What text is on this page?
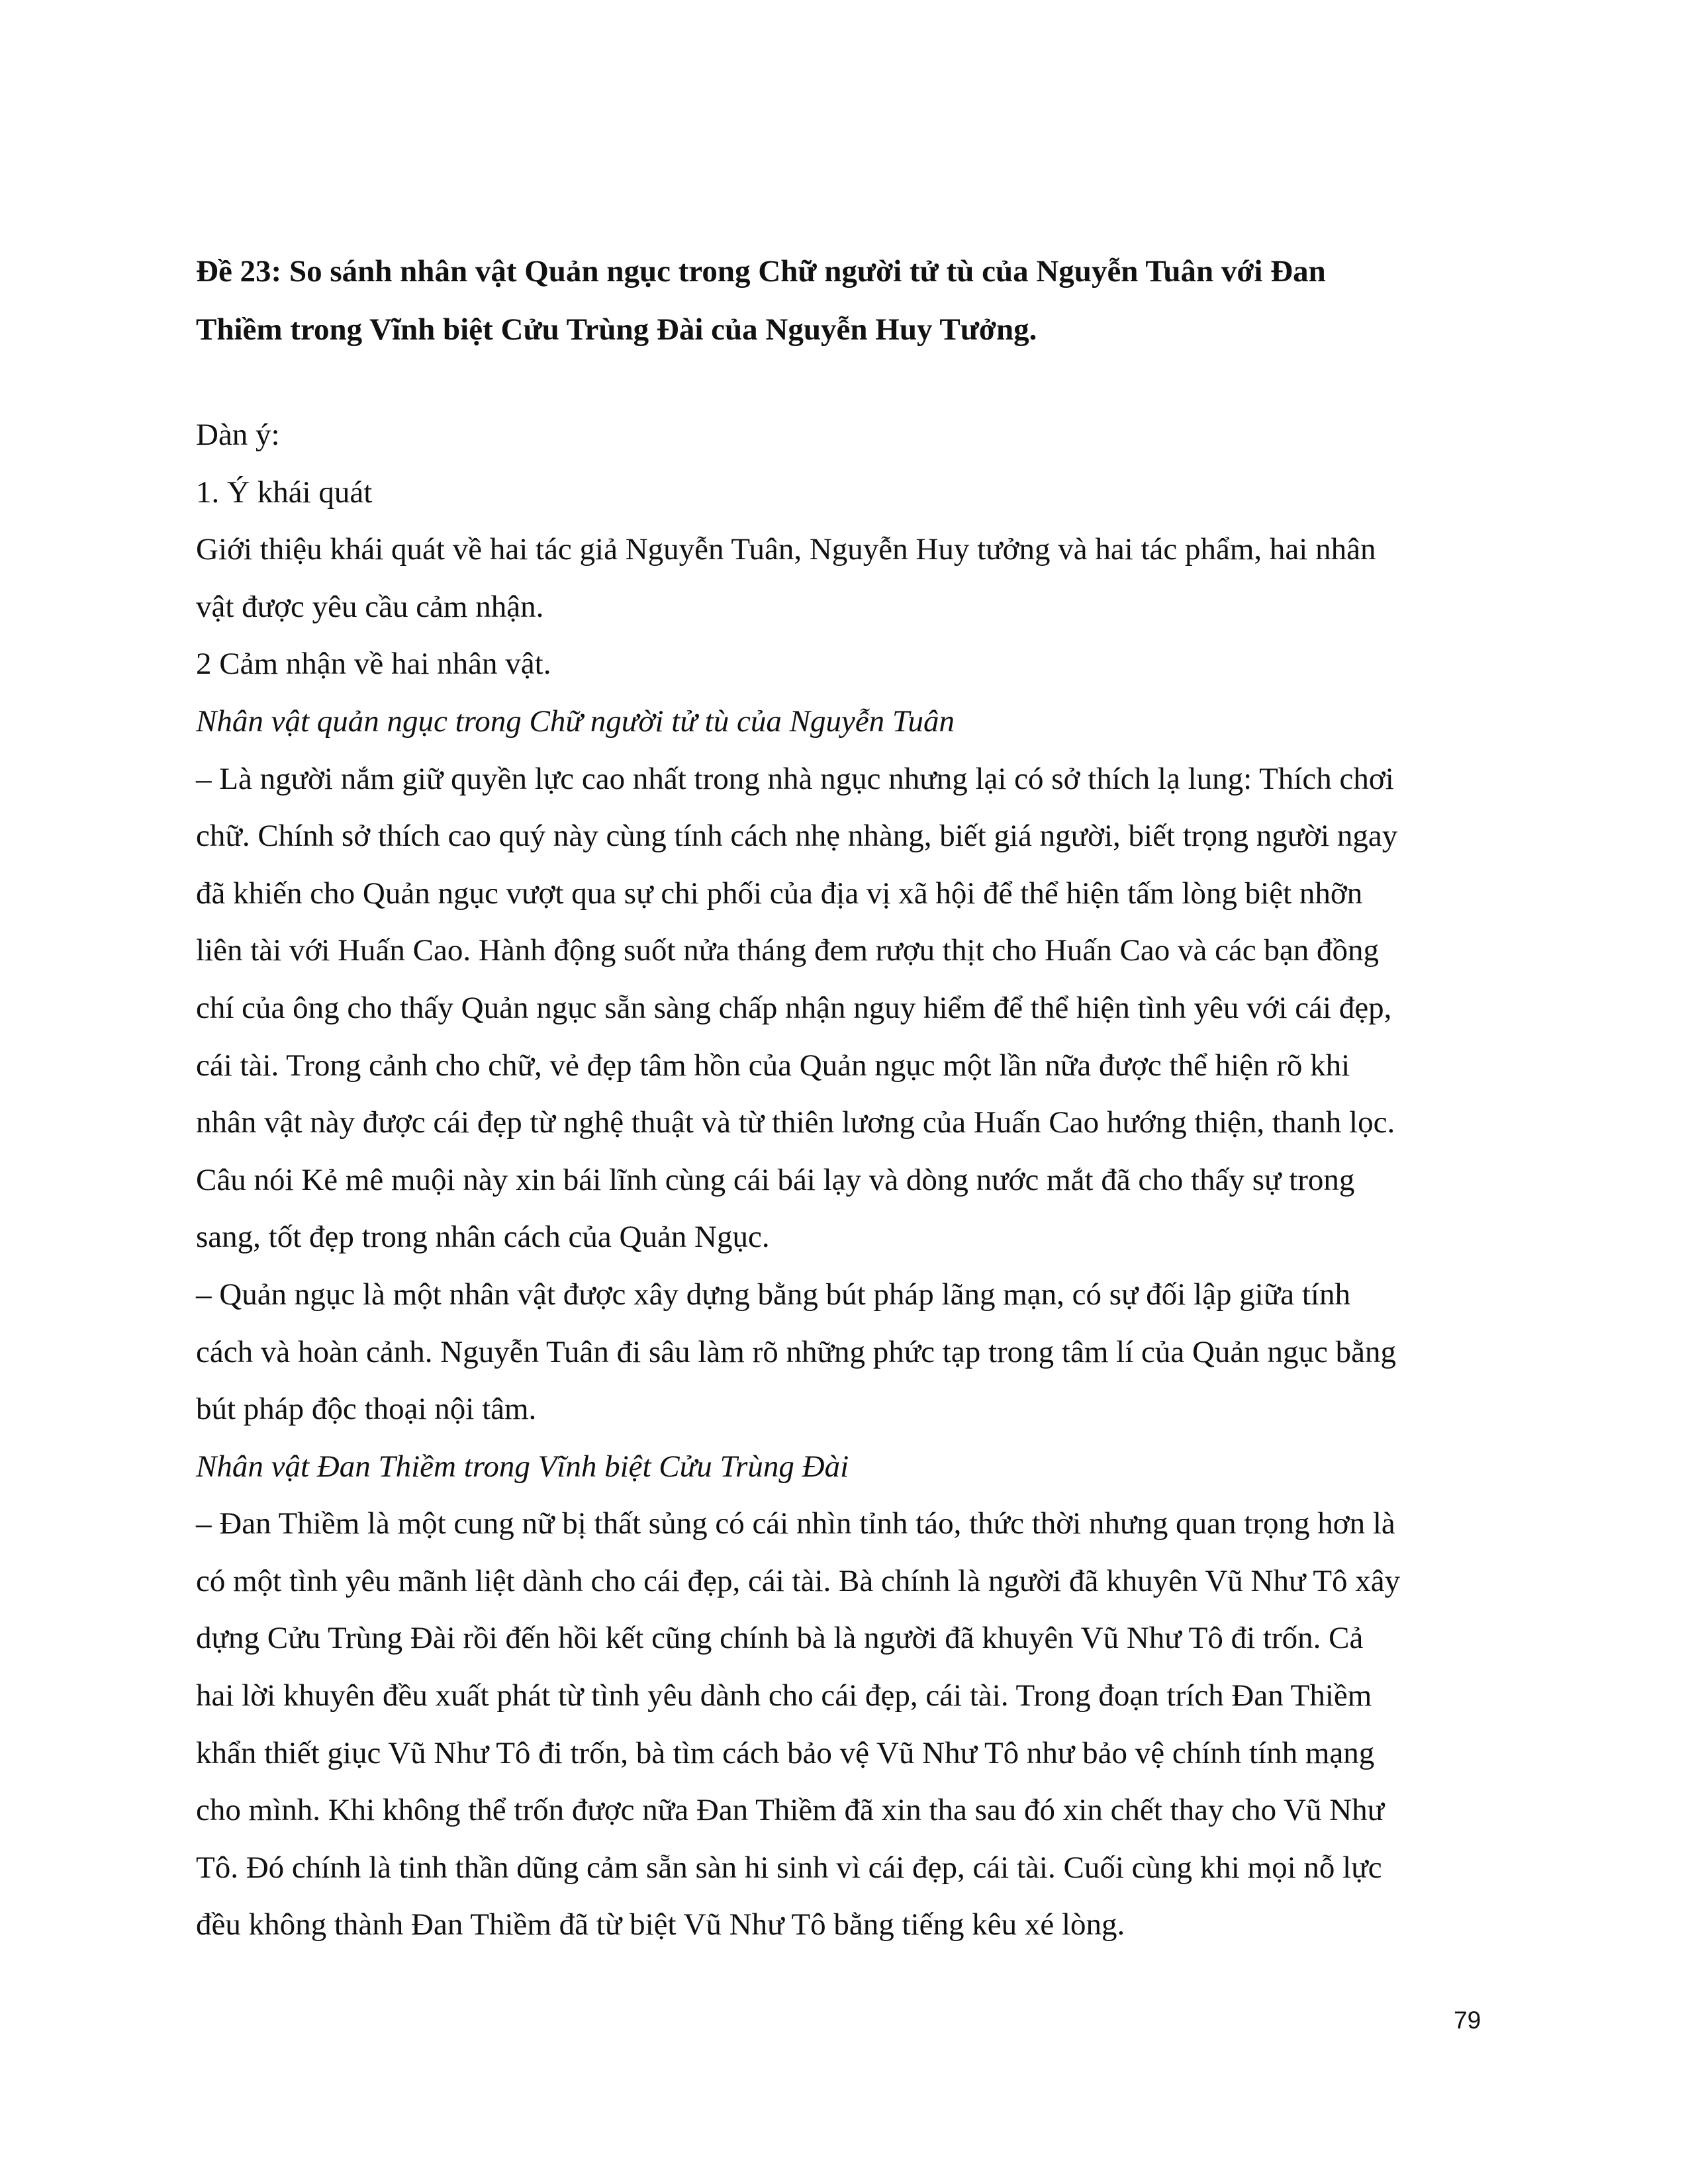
Đề 23: So sánh nhân vật Quản ngục trong Chữ người tử tù của Nguyễn Tuân với Đan
Thiềm trong Vĩnh biệt Cửu Trùng Đài của Nguyễn Huy Tưởng.
Dàn ý:
1. Ý khái quát
Giới thiệu khái quát về hai tác giả Nguyễn Tuân, Nguyễn Huy tưởng và hai tác phẩm, hai nhân
vật được yêu cầu cảm nhận.
2 Cảm nhận về hai nhân vật.
Nhân vật quản ngục trong Chữ người tử tù của Nguyễn Tuân
– Là người nắm giữ quyền lực cao nhất trong nhà ngục nhưng lại có sở thích lạ lung: Thích chơi
chữ. Chính sở thích cao quý này cùng tính cách nhẹ nhàng, biết giá người, biết trọng người ngay
đã khiến cho Quản ngục vượt qua sự chi phối của địa vị xã hội để thể hiện tấm lòng biệt nhỡn
liên tài với Huấn Cao. Hành động suốt nửa tháng đem rượu thịt cho Huấn Cao và các bạn đồng
chí của ông cho thấy Quản ngục sẵn sàng chấp nhận nguy hiểm để thể hiện tình yêu với cái đẹp,
cái tài. Trong cảnh cho chữ, vẻ đẹp tâm hồn của Quản ngục một lần nữa được thể hiện rõ khi
nhân vật này được cái đẹp từ nghệ thuật và từ thiên lương của Huấn Cao hướng thiện, thanh lọc.
Câu nói Kẻ mê muội này xin bái lĩnh cùng cái bái lạy và dòng nước mắt đã cho thấy sự trong
sang, tốt đẹp trong nhân cách của Quản Ngục.
– Quản ngục là một nhân vật được xây dựng bằng bút pháp lãng mạn, có sự đối lập giữa tính
cách và hoàn cảnh. Nguyễn Tuân đi sâu làm rõ những phức tạp trong tâm lí của Quản ngục bằng
bút pháp độc thoại nội tâm.
Nhân vật Đan Thiềm trong Vĩnh biệt Cửu Trùng Đài
– Đan Thiềm là một cung nữ bị thất sủng có cái nhìn tỉnh táo, thức thời nhưng quan trọng hơn là
có một tình yêu mãnh liệt dành cho cái đẹp, cái tài. Bà chính là người đã khuyên Vũ Như Tô xây
dựng Cửu Trùng Đài rồi đến hồi kết cũng chính bà là người đã khuyên Vũ Như Tô đi trốn. Cả
hai lời khuyên đều xuất phát từ tình yêu dành cho cái đẹp, cái tài. Trong đoạn trích Đan Thiềm
khẩn thiết giục Vũ Như Tô đi trốn, bà tìm cách bảo vệ Vũ Như Tô như bảo vệ chính tính mạng
cho mình. Khi không thể trốn được nữa Đan Thiềm đã xin tha sau đó xin chết thay cho Vũ Như
Tô. Đó chính là tinh thần dũng cảm sẵn sàn hi sinh vì cái đẹp, cái tài. Cuối cùng khi mọi nỗ lực
đều không thành Đan Thiềm đã từ biệt Vũ Như Tô bằng tiếng kêu xé lòng.
79
